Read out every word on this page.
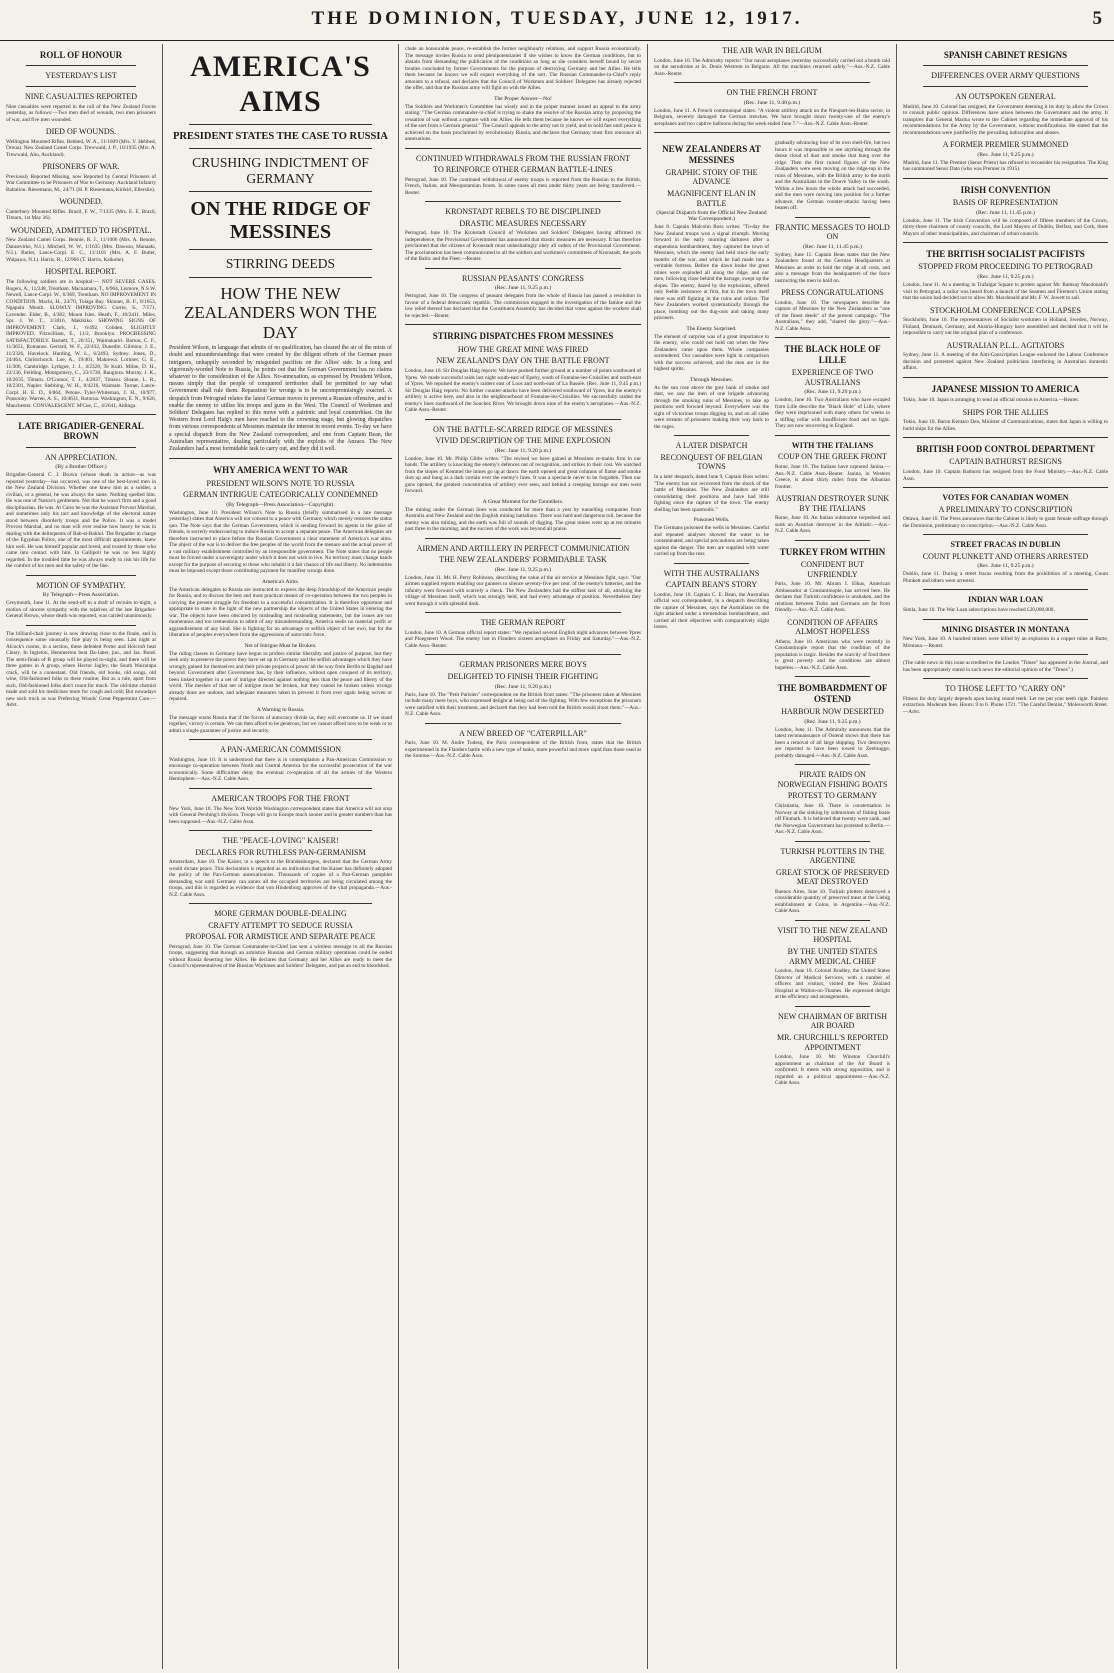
THE DOMINION, TUESDAY, JUNE 12, 1917.	5
ROLL OF HONOUR
YESTERDAY'S LIST
NINE CASUALTIES REPORTED
Nine casualties were reported in the roll of the New Zealand Forces yesterday, as follows:—Two men died of wounds, two men prisoners of war, and five men wounded.
DIED OF WOUNDS.
Wellington Mounted Rifles. Bebbed, W. A., 11/1609 (Mrs. V. Hebbed, Oroua). New Zealand Camel Corps. Trewwald, J. P., 10/1935 (Mrs. A. Trewwald, Aho, Auckland).
PRISONERS OF WAR.
Previously Reported Missing, now Reported by Central Prisoners of War Committee to be Prisoners of War in Germany. Auckland Infantry Battalion. Riesemann, M., 24/71 (H. P. Riesemann, Kirikiri, Ellerslie).
WOUNDED.
Canterbury Mounted Rifles. Brazil, F. W., 7/1335 (Mrs. E. E. Brazil, Timaru, 1st May 26).
WOUNDED, ADMITTED TO HOSPITAL.
New Zealand Camel Corps. Bennie, R. J., 11/1006 (Mrs. A. Bennie, Dannevirke, N.I.). Mitchell, W. W., 1/1635 (Mrs. Dawson, Manaaki, N.I.). Butler, Lance-Corpl. E. C., 11/1101 (Mrs. A. F. Butler, Waipawa, N.I.). Harris, R., 12/966 (T. Harris, Kaikohe).
HOSPITAL REPORT.
The following soldiers are in hospital:— NOT SEVERE CASES. Rogers, A., 11/248, Trentham. Macnamara, T., 6/964, Lismore, N.S.W. Newell, Lance-Corpl. W., 6/369, Trentham. NO IMPROVEMENT IN CONDITION. Machi, H., 24/70, Tolaga Bay. Skinner, B. F., 8/1653, Ngapuhi Mouth. SLOWLY IMPROVING. Corrie, S., 7/571, Lavender. Elder, B., 4/382, Mount Isles. Heath, F., 10/2411. Miles, Spr. J. W. T., 3/3016, Makikiko. SHOWING SIGNS OF IMPROVEMENT. Clark, J., 6/492, Cobden. SLIGHTLY IMPROVED. Fitzwilliam, E., 11/2, Brooklyn. PROGRESSING SATISFACTORILY. Barnett, T., 26/351, Waimakariri. Barton, C. F., 11/3651, Romanos. Gerrard, W. F., 22/432, Dunedin. Gilmour, J. E., 11/2326, Havelock. Harding, W. L., 6/2493, Sydney. Jones, D., 24/464, Christchurch. Loe, A., 19/401, Makrewa. Lorimer, G. E., 11/306, Cambridge. Lythgoe, J. J., 4/2328, Te Kuiti. Milne, D. H., 22/136, Feilding. Montgomery, C., 23/1730, Rangiora. Murray, J. K., 10/2635, Timaru. O'Connor, T. J., 4/2837, Timaru. Sloane, L. R., 10/2301, Napier. Stebbing, W. H., 8/4216, Waimate. Turner, Lance-Corpl. H. E. D., 6/864, Petone. Tyler-Whiteman, J. H., 10/977, Ponsonby. Warren, A. S., 10/4631, Rotorua. Washington, E. N., 9/626, Manchester. CONVALESCENT. M'Cue, C., 4/2641, Aldinga.
LATE BRIGADIER-GENERAL BROWN
AN APPRECIATION.
(By a Brother Officer.)
Brigadier-General C. J. Brown (whose death in action—as was reported yesterday—has occurred, was one of the best-loved men in the New Zealand Division. Whether one knew him as a soldier, a civilian, or a general, he was always the same. Nothing quelled him. He was one of Nature's gentlemen. Not that he wasn't firm and a good disciplinarian. He was. At Cairo he was the Assistant Provost Marshal, and sometimes only his tact and knowledge of the electoral nature stood between disorderly troops and the Police. It was a model Provost Marshal, and no man will ever realise how heavy he was in dealing with the delinquents of Bab-el-Bahlul. The Brigadier in charge of the Egyptian Police, one of the most difficult appointments, knew him well. He was himself popular and loved, and trusted by those who came into contact with him. In Gallipoli he was no less highly regarded. In the troubled time he was always ready to risk his life for the comfort of his men and the safety of the line.
MOTION OF SYMPATHY.
By Telegraph—Press Association.
Greymouth, June 11. At the send-off to a draft of recruits to-night, a motion of sincere sympathy with the relatives of the late Brigadier-General Brown, whose death was reported, was carried unanimously.
The billiard-chair journey is now drawing close to the finale, and in consequence some unusually fine play is being seen. Last night at Alcock's rooms, in a section, these defeated Porter and Holcroft beat Cleary. In Ingleton, Hemmerton beat Da-Jaber, jun., and Jas. Bond. The semi-finals of B group will be played to-night, and there will be three games in A group, where Hector Jagley, the South Wairarapa crack, will be a contestant. Old friends, old books, old songs, old wine, Old-fashioned folks to these routine; But as a rule, apart from such, Old-fashioned folks don't count for much. The old-time chemist made and sold his medicines more for cough and cold; But nowadays new such truck as was Preferring Woods' Great Peppermint Cure.—Advt.
AMERICA'S AIMS
PRESIDENT STATES THE CASE TO RUSSIA
CRUSHING INDICTMENT OF GERMANY
ON THE RIDGE OF MESSINES
STIRRING DEEDS
HOW THE NEW ZEALANDERS WON THE DAY
President Wilson, in language that admits of no qualification, has cleared the air of the mists of doubt and misunderstandings that were created by the diligent efforts of the German peace intriguers, unhappily seconded by misguided pacifists on the Allies' side. In a long and vigorously-worded Note to Russia, he points out that the German Government has no claims whatever to the consideration of the Allies. No-annexation, as expressed by President Wilson, means simply that the people of conquered territories shall be permitted to say what Government shall rule them. Reparation for wrongs is to be uncompromisingly exacted. A despatch from Petrograd relates the latest German moves to prevent a Russian offensive, and to enable the enemy to utilise his troops and guns in the West. The Council of Workmen and Soldiers' Delegates has replied to this move with a patriotic and loyal counterblast. On the Western front Lord Haig's men have reached to the crowning stage, but glowing dispatches from various correspondents at Messines maintain the interest in recent events. To-day we have a special dispatch from the New Zealand correspondent, and one from Captain Bean, the Australian representative, dealing particularly with the exploits of the Anzacs. The New Zealanders had a most formidable task to carry out, and they did it well.
WHY AMERICA WENT TO WAR
PRESIDENT WILSON'S NOTE TO RUSSIA
GERMAN INTRIGUE CATEGORICALLY CONDEMNED
(By Telegraph—Press Association—Copyright).
Washington, June 10. President Wilson's Note to Russia (briefly summarised in a late message yesterday) states that America will not consent to a peace with Germany which merely restores the status quo. The Note says that the German Government, which is sending forward its agents in the guise of friends, is secretly endeavouring to induce Russia to accept a separate peace. The American delegates are therefore instructed to place before the Russian Government a clear statement of America's war aims. The object of the war is to deliver the free peoples of the world from the menace and the actual power of a vast military establishment controlled by an irresponsible government. The Note states that no people must be forced under a sovereignty under which it does not wish to live. No territory must change hands except for the purpose of securing to those who inhabit it a fair chance of life and liberty. No indemnities must be imposed except those constituting payment for manifest wrongs done.
America's Aims.
The American delegates to Russia are instructed to express the deep friendship of the American people for Russia, and to discuss the best and most practical means of co-operation between the two peoples in carrying the present struggle for freedom to a successful consummation. It is therefore opportune and appropriate to state in the light of the new partnership the objects of the United States in entering the war. The objects have been obscured by misleading and misleading statements, but the issues are too momentous and too tremendous to admit of any misunderstanding. America seeks no material profit or aggrandisement of any kind. She is fighting for no advantage or selfish object of her own, but for the liberation of peoples everywhere from the aggressions of autocratic force.
Net of Intrigue Must be Broken.
The ruling classes in Germany have begun to profess similar liberality and justice of purpose, but they seek only to preserve the power they have set up in Germany and the selfish advantages which they have wrongly gained for themselves and their private projects of power all the way from Berlin to Bagdad and beyond. Government after Government has, by their influence, without open conquest of its territory, been linked together in a net of intrigue directed against nothing less than the peace and liberty of the world. The meshes of that net of intrigue must be broken, but they cannot be broken unless wrongs already done are undone, and adequate measures taken to prevent it from ever again being woven or repaired.
A Warning to Russia.
The message warns Russia that if the forces of autocracy divide us, they will overcome us. If we stand together, victory is certain. We can then afford to be generous; but we cannot afford now to be weak or to admit a single guarantee of justice and security.
A PAN-AMERICAN COMMISSION
Washington, June 10. It is understood that there is in contemplation a Pan-American Commission to encourage co-operation between North and Central America for the successful prosecution of the war economically. Some difficulties delay the eventual co-operation of all the armies of the Western Hemisphere.—Aus.-N.Z. Cable Assn.
AMERICAN TROOPS FOR THE FRONT
New York, June 10. The New York Worlds Washington correspondent states that America will not stop with General Pershing's division. Troops will go to Europe much sooner and in greater numbers than has been supposed.—Aus.-N.Z. Cable Assn.
THE "PEACE-LOVING" KAISER!
DECLARES FOR RUTHLESS PAN-GERMANISM
Amsterdam, June 10. The Kaiser, in a speech to the Brandenburgers, declared that the German Army would dictate peace. This declaration is regarded as an indication that the Kaiser has definitely adopted the policy of the Pan-German annexationists. Thousands of copies of a Pan-German pamphlet demanding war until Germany can annex all the occupied territories are being circulated among the troops, and this is regarded as evidence that von Hindenburg approves of the vital propaganda.—Aus.-N.Z. Cable Assn.
MORE GERMAN DOUBLE-DEALING
CRAFTY ATTEMPT TO SEDUCE RUSSIA
PROPOSAL FOR ARMISTICE AND SEPARATE PEACE
Petrograd, June 10. The German Commander-in-Chief has sent a wireless message to all the Russian troops, suggesting that through an armistice Russian and German military operations could be ended without Russia deserting her Allies. He declares that Germany and her Allies are ready to meet the Council's representatives of the Russian Workmen and Soldiers' Delegates, and put an end to bloodshed.
clude an honourable peace, re-establish the former neighbourly relations, and support Russia economically. The message invites Russia to send plenipotentiaries if she wishes to know the German conditions, but to abstain from demanding the publication of the conditions so long as she considers herself bound by secret treaties concluded by former Governments for the purpose of destroying Germany and her Allies. He tells them because he knows we will expect everything of the sort. The Russian Commander-in-Chief's reply amounts to a refusal, and declares that the Council of Workmen and Soldiers' Delegates has already rejected the offer, and that the Russian army will fight on with the Allies.
The Proper Answer—No!
The Soldiers and Workmen's Committee has wisely and in the proper manner issued an appeal to the army stating: "The German commander-in-chief is trying to shake the resolve of the Russian army by proposing the cessation of war without a rupture with our Allies. He tells them because he knows we will expect everything of the sort from a German general." The Council appeals to the army not to yield, and to hold fast until peace is achieved on the basis proclaimed by revolutionary Russia, and declares that Germany must first renounce all annexations.
CONTINUED WITHDRAWALS FROM THE RUSSIAN FRONT
TO REINFORCE OTHER GERMAN BATTLE-LINES
Petrograd, June 10. The continued withdrawal of enemy troops is reported from the Russian to the British, French, Italian, and Mesopotamian fronts. In some cases all men under thirty years are being transferred.—Reuter.
KRONSTADT REBELS TO BE DISCIPLINED
DRASTIC MEASURES NECESSARY
Petrograd, June 10. The Kronstadt Council of Workmen and Soldiers' Delegates having affirmed its independence, the Provisional Government has announced that drastic measures are necessary. It has therefore proclaimed that the citizens of Kronstadt must unhesitatingly obey all orders of the Provisional Government. The proclamation has been communicated to all the soldiers and workmen's committees of Kronstadt, the ports of the Baltic and the Fleet.—Reuter.
RUSSIAN PEASANTS' CONGRESS
(Rec. June 11, 9.25 p.m.)
Petrograd, June 10. The congress of peasant delegates from the whole of Russia has passed a resolution in favour of a federal democratic republic. The commission engaged in the investigation of the famine and the low relief thereof has declared that the Constituent Assembly has decided that votes against the workers shall be rejected.—Reuter.
STIRRING DISPATCHES FROM MESSINES
HOW THE GREAT MINE WAS FIRED
NEW ZEALAND'S DAY ON THE BATTLE FRONT
London, June 10. Sir Douglas Haig reports: We have pushed further ground at a number of points southward of Ypres. We made successful raids last night south-east of Epehy, south of Fontaine-les-Croisilles and north-east of Ypres. We repulsed the enemy's raiders east of Loos and north-east of La Bassée. (Rec. June 11, 9.45 p.m.) Sir Douglas Haig reports: No further counter-attacks have been delivered southward of Ypres, but the enemy's artillery is active here, and also in the neighbourhood of Fontaine-lez-Croisilles. We successfully raided the enemy's lines southward of the Souchez River. We brought down nine of the enemy's aeroplanes.—Aus.-N.Z. Cable Assn.-Reuter.
ON THE BATTLE-SCARRED RIDGE OF MESSINES
VIVID DESCRIPTION OF THE MINE EXPLOSION
(Rec. June 11, 9.20 p.m.)
London, June 10. Mr. Philip Gibbs writes: "The revised we have gained at Messines re-mains firm in our hands. The artillery is knocking the enemy's defences out of recognition, and strikes to their cost. We watched from the slopes of Kemmel the mines go up at dawn: the earth opened and great columns of flame and smoke shot up and hung as a dark curtain over the enemy's lines. It was a spectacle never to be forgotten. Then our guns opened, the greatest concentration of artillery ever seen, and behind a creeping barrage our men went forward.
A Great Moment for the Tunnellers.
The mining under the German lines was conducted for more than a year by tunnelling companies from Australia and New Zealand and the English mining battalions. There was hard and dangerous toil, because the enemy was also mining, and the earth was full of sounds of digging. The great mines went up at ten minutes past three in the morning, and the success of the work was beyond all praise.
AIRMEN AND ARTILLERY IN PERFECT COMMUNICATION
THE NEW ZEALANDERS' FORMIDABLE TASK
(Rec. June 11, 9.25 p.m.)
London, June 11. Mr. H. Perry Robinson, describing the value of the air service at Messines fight, says: "Our airmen supplied reports enabling our gunners to silence seventy-five per cent. of the enemy's batteries, and the infantry went forward with scarcely a check. The New Zealanders had the stiffest task of all, attacking the village of Messines itself, which was strongly held, and had every advantage of position. Nevertheless they went through it with splendid dash.
THE GERMAN REPORT
London, June 10. A German official report states: "We repulsed several English night advances between Ypres and Ploegsteert Wood. The enemy lost in Flanders sixteen aeroplanes on Friday and Saturday."—Aus.-N.Z. Cable Assn.-Reuter.
GERMAN PRISONERS MERE BOYS
DELIGHTED TO FINISH THEIR FIGHTING
(Rec. June 11, 9.20 p.m.)
Paris, June 10. The "Petit Parisien" correspondent on the British front states: "The prisoners taken at Messines include many mere boys, who expressed delight at being out of the fighting. With few exceptions the prisoners were satisfied with their treatment, and declared that they had been told the British would shoot them."—Aus.-N.Z. Cable Assn.
A NEW BREED OF "CATERPILLAR"
Paris, June 10. M. Andre Tudesq, the Paris correspondent of the British front, states that the British experimented in the Flanders battle with a new type of tanks, more powerful and more rapid than those used at the Somme.—Aus.-N.Z. Cable Assn.
THE AIR WAR IN BELGIUM
London, June 10. The Admiralty reports: "Our naval aeroplanes yesterday successfully carried out a bomb raid on the aerodrome at St. Denis Westrem in Belgium. All the machines returned safely."—Aus.-N.Z. Cable Assn.-Reuter.
ON THE FRENCH FRONT
(Rec. June 11, 9.40 p.m.)
London, June 11. A French communiqué states: "A violent artillery attack on the Nieuport-les-Bains sector, in Belgium, severely damaged the German trenches. We have brought down twenty-one of the enemy's aeroplanes and two captive balloons during the week ended June 7."—Aus.-N.Z. Cable Assn.-Reuter.
NEW ZEALANDERS AT MESSINES
GRAPHIC STORY OF THE ADVANCE
MAGNIFICENT ELAN IN BATTLE
(Special Dispatch from the Official New Zealand War Correspondent.)
June 8. Captain Malcolm Ross writes: "To-day the New Zealand troops won a signal triumph. Moving forward in the early morning darkness after a stupendous bombardment, they captured the town of Messines, which the enemy had held since the early months of the war, and which he had made into a veritable fortress. Before the dawn broke the great mines were exploded all along the ridge, and our men, following close behind the barrage, swept up the slopes. The enemy, dazed by the explosions, offered only feeble resistance at first, but in the town itself there was stiff fighting in the ruins and cellars. The New Zealanders worked systematically through the place, bombing out the dug-outs and taking many prisoners.
The Enemy Surprised.
The element of surprise was of a great importance to the enemy, who could not hold out when the New Zealanders came upon them. Whole companies surrendered. Our casualties were light in comparison with the success achieved, and the men are in the highest spirits.
Through Messines.
As the sun rose above the grey bank of smoke and dust, we saw the men of one brigade advancing through the smoking ruins of Messines, to take up positions well forward beyond. Everywhere was the sight of victorious troops digging in, and on all sides were streams of prisoners making their way back to the cages.
A LATER DISPATCH
RECONQUEST OF BELGIAN TOWNS
In a later despatch, dated June 9, Captain Ross writes: "The enemy has not recovered from the shock of the battle of Messines. The New Zealanders are still consolidating their positions and have had little fighting since the capture of the town. The enemy shelling has been spasmodic."
Poisoned Wells.
The Germans poisoned the wells in Messines. Careful and repeated analyses showed the water to be contaminated, and special precautions are being taken against the danger. The men are supplied with water carried up from the rear.
WITH THE AUSTRALIANS
CAPTAIN BEAN'S STORY
London, June 10. Captain C. E. Bean, the Australian official war correspondent, in a despatch describing the capture of Messines, says the Australians on the right attacked under a tremendous bombardment, and carried all their objectives with comparatively slight losses.
gradually advancing four of its own shell-fire, but two hours it was impossible to see anything through the dense cloud of dust and smoke that hung over the ridge. Then the first ruined figures of the New Zealanders were seen moving on the ridge-top in the ruins of Messines, with the British army to the north and the Australians in the Douve Valley to the south. Within a few hours the whole attack had succeeded, and the men were moving into position for a further advance, the German counter-attacks having been beaten off.
FRANTIC MESSAGES TO HOLD ON
(Rec. June 11, 11.45 p.m.)
Sydney, June 11. Captain Bean states that the New Zealanders found at the German Headquarters at Messines an order to hold the ridge at all costs, and also a message from the headquarters of the force instructing the men to hold on.
PRESS CONGRATULATIONS
London, June 10. The newspapers describe the capture of Messines by the New Zealanders as "one of the finest deeds" of the present campaign. "The Australians," they add, "shared the glory."—Aus.-N.Z. Cable Assn.
THE BLACK HOLE OF LILLE
EXPERIENCE OF TWO AUSTRALIANS
(Rec. June 11, 9.20 p.m.)
London, June 10. Two Australians who have escaped from Lille describe the "Black Hole" of Lille, where they were imprisoned with many others for weeks in a stifling cellar with insufficient food and no light. They are now recovering in England.
WITH THE ITALIANS
COUP ON THE GREEK FRONT
Rome, June 10. The Italians have captured Janina.—Aus.-N.Z. Cable Assn.-Reuter. Janina, in Western Greece, is about thirty miles from the Albanian frontier.
AUSTRIAN DESTROYER SUNK BY THE ITALIANS
Rome, June 10. An Italian submarine torpedoed and sunk an Austrian destroyer in the Adriatic.—Aus.-N.Z. Cable Assn.
TURKEY FROM WITHIN
CONFIDENT BUT UNFRIENDLY
Paris, June 10. Mr. Abram I. Elkus, American Ambassador at Constantinople, has arrived here. He declares that Turkish confidence is unshaken, and the relations between Turks and Germans are far from friendly.—Aus.-N.Z. Cable Assn.
CONDITION OF AFFAIRS ALMOST HOPELESS
Athens, June 10. Americans who were recently in Constantinople report that the condition of the population is tragic. Besides the scarcity of food there is great poverty and the conditions are almost hopeless.—Aus.-N.Z. Cable Assn.
THE BOMBARDMENT OF OSTEND
HARBOUR NOW DESERTED
(Rec. June 11, 9.25 p.m.)
London, June 11. The Admiralty announces that the latest reconnaissance of Ostend shows that there has been a removal of all large shipping. Two destroyers are reported to have been towed to Zeebrugge, probably damaged.—Aus.-N.Z. Cable Assn.
PIRATE RAIDS ON NORWEGIAN FISHING BOATS
PROTEST TO GERMANY
Christiania, June 10. There is consternation in Norway at the sinking by submarines of fishing boats off Finmark. It is believed that twenty were sunk, and the Norwegian Government has protested to Berlin.—Aus.-N.Z. Cable Assn.
TURKISH PLOTTERS IN THE ARGENTINE
GREAT STOCK OF PRESERVED MEAT DESTROYED
Buenos Aires, June 10. Turkish plotters destroyed a considerable quantity of preserved meat at the Liebig establishment at Colon, in Argentine.—Aus.-N.Z. Cable Assn.
VISIT TO THE NEW ZEALAND HOSPITAL
BY THE UNITED STATES ARMY MEDICAL CHIEF
London, June 10. Colonel Bradley, the United States Director of Medical Services, with a number of officers and visitors, visited the New Zealand Hospital at Walton-on-Thames. He expressed delight at the efficiency and arrangements.
NEW CHAIRMAN OF BRITISH AIR BOARD
MR. CHURCHILL'S REPORTED APPOINTMENT
London, June 10. Mr. Winston Churchill's appointment as chairman of the Air Board is confirmed. It meets with strong opposition, and is regarded as a political appointment.—Aus.-N.Z. Cable Assn.
SPANISH CABINET RESIGNS
DIFFERENCES OVER ARMY QUESTIONS
AN OUTSPOKEN GENERAL
Madrid, June 10. Colonel has resigned, the Government deeming it its duty to allow the Crown to consult public opinion. Differences have arisen between the Government and the army. It transpires that General Marina wrote to the Cabinet regarding the immediate approval of his recommendations for the Army by the Government, without modifications. He stated that the recommendations were justified by the prevailing indiscipline and abuses.
A FORMER PREMIER SUMMONED
(Rec. June 11, 9.25 p.m.)
Madrid, June 11. The Premier (Senor Prieto) has refused to reconsider his resignation. The King has summoned Senor Dato (who was Premier in 1915).
IRISH CONVENTION
BASIS OF REPRESENTATION
(Rec. June 11, 11.45 p.m.)
London, June 11. The Irish Convention will be composed of fifteen members of the Crown, thirty-three chairmen of county councils, the Lord Mayors of Dublin, Belfast, and Cork, three Mayors of other municipalities, and chairmen of urban councils.
THE BRITISH SOCIALIST PACIFISTS
STOPPED FROM PROCEEDING TO PETROGRAD
(Rec. June 11, 9.25 p.m.)
London, June 11. At a meeting in Trafalgar Square to protest against Mr. Ramsay Macdonald's visit to Petrograd, a sailor was heard from a launch of the Seamen and Firemen's Union stating that the union had decided not to allow Mr. Macdonald and Mr. F. W. Jowett to sail.
STOCKHOLM CONFERENCE COLLAPSES
Stockholm, June 10. The representatives of Socialist workmen in Holland, Sweden, Norway, Finland, Denmark, Germany, and Austria-Hungary have assembled and decided that it will be impossible to carry out the original plan of a conference.
AUSTRALIAN P.L.L. AGITATORS
Sydney, June 11. A meeting of the Anti-Conscription League endorsed the Labour Conference decision and protested against New Zealand politicians interfering in Australian domestic affairs.
JAPANESE MISSION TO AMERICA
Tokio, June 10. Japan is arranging to send an official mission to America.—Reuter.
SHIPS FOR THE ALLIES
Tokio, June 10. Baron Kentaro Den, Minister of Communications, states that Japan is willing to build ships for the Allies.
BRITISH FOOD CONTROL DEPARTMENT
CAPTAIN BATHURST RESIGNS
London, June 10. Captain Bathurst has resigned from the Food Ministry.—Aus.-N.Z. Cable Assn.
VOTES FOR CANADIAN WOMEN
A PRELIMINARY TO CONSCRIPTION
Ottawa, June 10. The Press announces that the Cabinet is likely to grant female suffrage through the Dominion, preliminary to conscription.—Aus.-N.Z. Cable Assn.
STREET FRACAS IN DUBLIN
COUNT PLUNKETT AND OTHERS ARRESTED
(Rec. June 11, 9.25 p.m.)
Dublin, June 11. During a street fracas resulting from the prohibition of a meeting, Count Plunkett and others were arrested.
INDIAN WAR LOAN
Simla, June 10. The War Loan subscriptions have reached £20,000,000.
MINING DISASTER IN MONTANA
New York, June 10. A hundred miners were killed by an explosion in a copper mine at Butte, Montana.—Reuter.
(The cable news in this issue accredited to the London "Times" has appeared in the Journal, and has been appropriately stated in such news the editorial opinion of the "Times".)
TO THOSE LEFT TO "CARRY ON"
Fitness for duty largely depends upon having sound teeth. Let me put your teeth right. Painless extraction. Moderate fees. Hours: 9 to 6. Phone 1721. "The Careful Dentist," Molesworth Street.—Advt.
